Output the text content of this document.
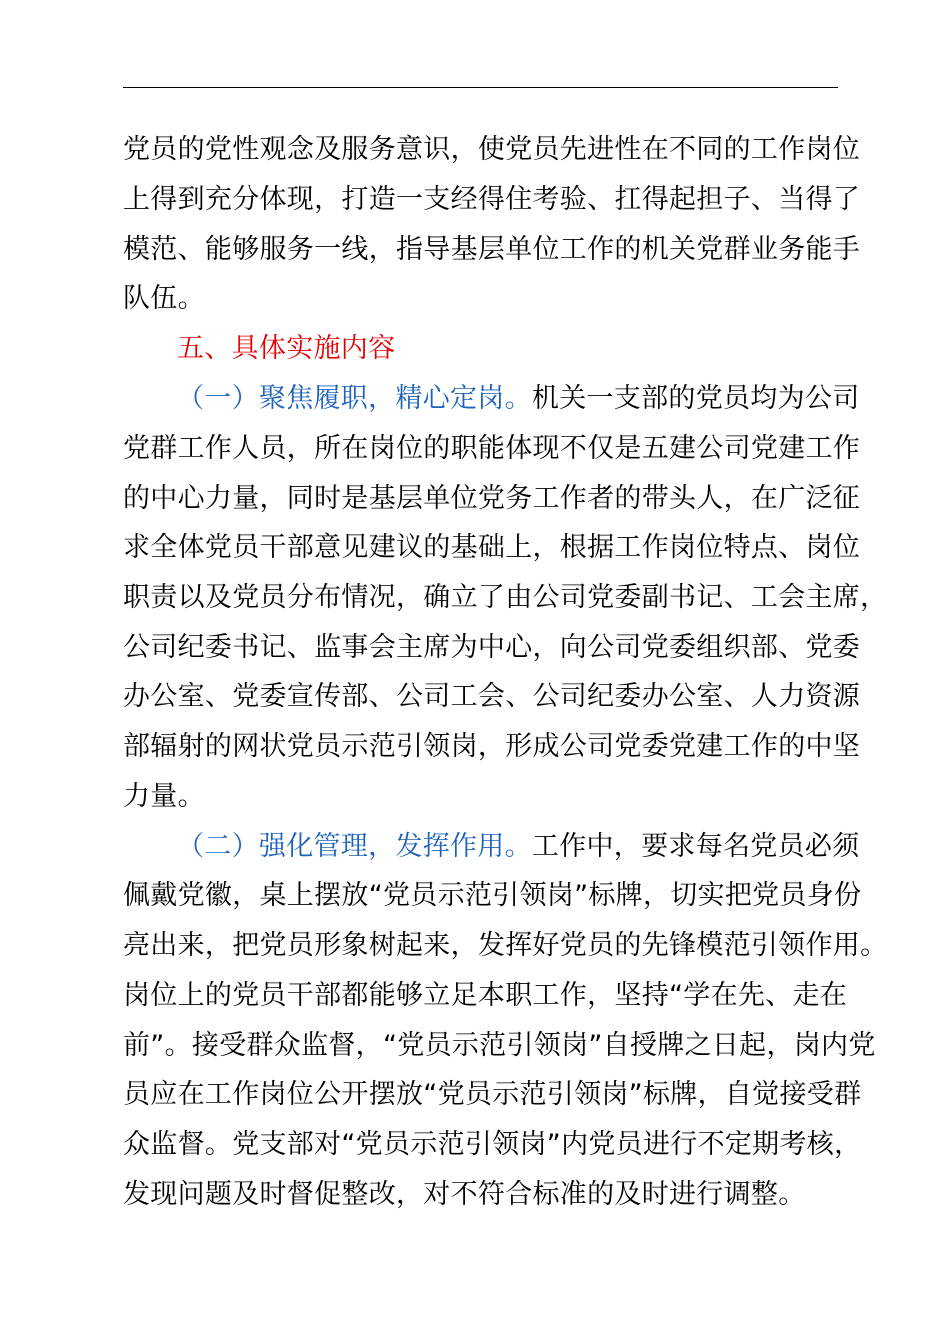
党员的党性观念及服务意识，使党员先进性在不同的工作岗位
上得到充分体现，打造一支经得住考验、扛得起担子、当得了
模范、能够服务一线，指导基层单位工作的机关党群业务能手
队伍。
五、具体实施内容
（一）聚焦履职，精心定岗。机关一支部的党员均为公司
党群工作人员，所在岗位的职能体现不仅是五建公司党建工作
的中心力量，同时是基层单位党务工作者的带头人，在广泛征
求全体党员干部意见建议的基础上，根据工作岗位特点、岗位
职责以及党员分布情况，确立了由公司党委副书记、工会主席，
公司纪委书记、监事会主席为中心，向公司党委组织部、党委
办公室、党委宣传部、公司工会、公司纪委办公室、人力资源
部辐射的网状党员示范引领岗，形成公司党委党建工作的中坚
力量。
（二）强化管理，发挥作用。工作中，要求每名党员必须
佩戴党徽，桌上摆放“党员示范引领岗”标牌，切实把党员身份
亮出来，把党员形象树起来，发挥好党员的先锋模范引领作用。
岗位上的党员干部都能够立足本职工作，坚持“学在先、走在
前”。接受群众监督，“党员示范引领岗”自授牌之日起，岗内党
员应在工作岗位公开摆放“党员示范引领岗”标牌，自觉接受群
众监督。党支部对“党员示范引领岗”内党员进行不定期考核，
发现问题及时督促整改，对不符合标准的及时进行调整。
